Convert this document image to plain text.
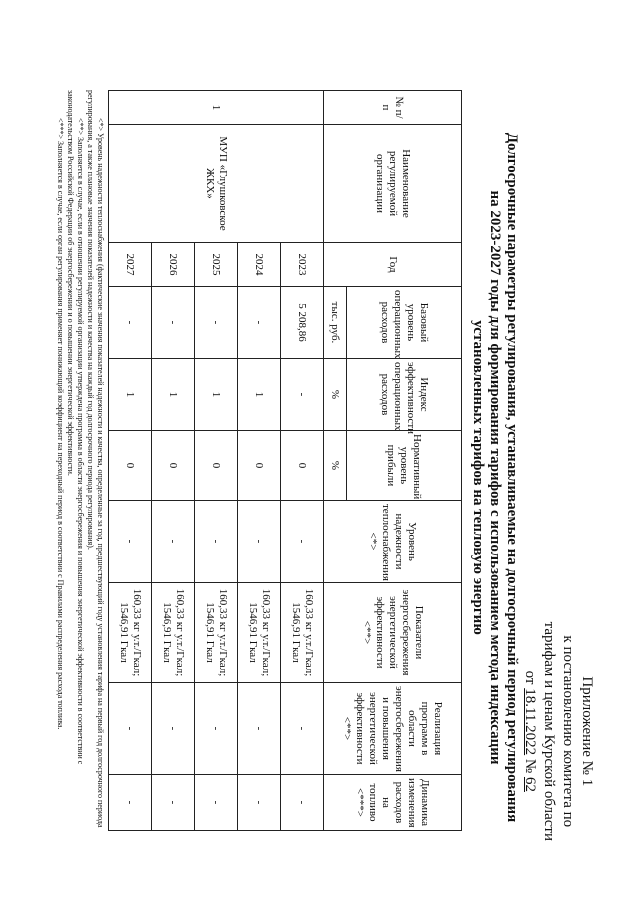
Приложение № 1
к постановлению комитета по
тарифам и ценам Курской области
от 18.11.2022 № 62
Долгосрочные параметры регулирования, устанавливаемые на долгосрочный период регулирования
на 2023-2027 годы для формирования тарифов с использованием метода индексации
установленных тарифов на тепловую энергию
№ п/п	Наименование регулируемой организации	Год	Базовый уровень операционных расходов	Индекс эффективности операционных расходов	Нормативный уровень прибыли	Уровень надежности теплоснабжения <*>	Показатели энергосбережения энергетической эффективности <**>	Реализация программ в области энергосбережения и повышения энергетической эффективности <**>	Динамика изменения расходов на топливо <***>
			тыс. руб.	%	%				
1	МУП «Глушковское ЖКХ»	2023	5 208,86	-	0	-	160,33 кг у.т./Гкал; 1546,91 Гкал	-	-
		2024	-	1	0	-	160,33 кг у.т./Гкал; 1546,91 Гкал	-	-
		2025	-	1	0	-	160,33 кг у.т./Гкал; 1546,91 Гкал	-	-
		2026	-	1	0	-	160,33 кг у.т./Гкал; 1546,91 Гкал	-	-
		2027	-	1	0	-	160,33 кг у.т./Гкал; 1546,91 Гкал	-	-

<*> Уровень надежности теплоснабжения (фактические значения показателей надежности и качества, определенные за год, предшествующий году установления тарифа на первый год долгосрочного периода регулирования, а также плановые значения показателей надежности и качества на каждый год долгосрочного периода регулирования).

<**> Заполняется в случае, если в отношении регулируемой организации утверждена программа в области энергосбережения и повышения энергетической эффективности в соответствии с законодательством Российской Федерации об энергосбережении и о повышении энергетической эффективности.

<***> Заполняется в случае, если орган регулирования применяет понижающий коэффициент на переходный период в соответствии с Правилами распределения расхода топлива.
